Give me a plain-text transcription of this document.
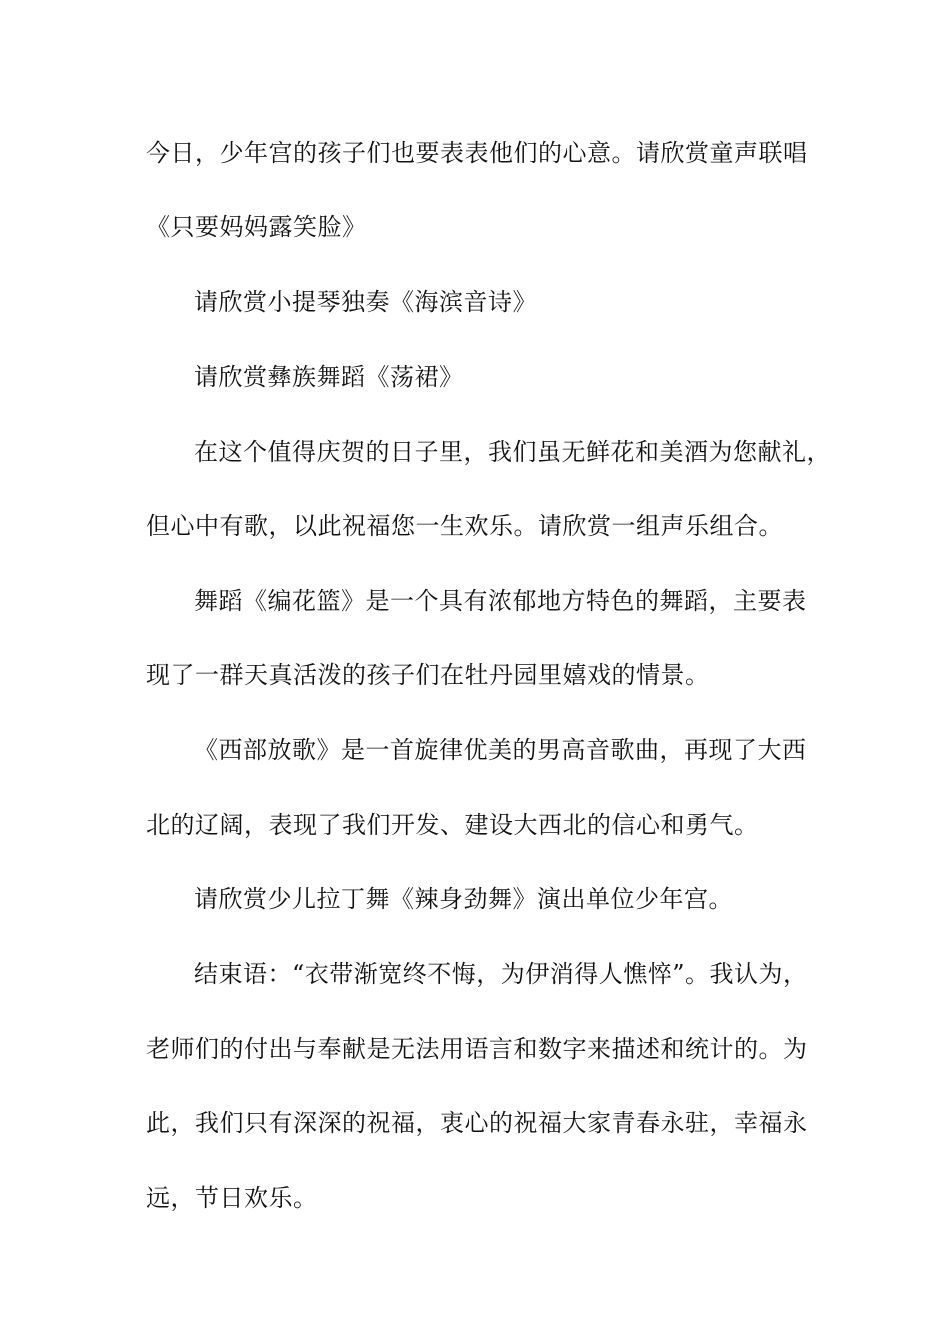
今日，少年宫的孩子们也要表表他们的心意。请欣赏童声联唱
《只要妈妈露笑脸》
请欣赏小提琴独奏《海滨音诗》
请欣赏彝族舞蹈《荡裙》
在这个值得庆贺的日子里，我们虽无鲜花和美酒为您献礼，
但心中有歌，以此祝福您一生欢乐。请欣赏一组声乐组合。
舞蹈《编花篮》是一个具有浓郁地方特色的舞蹈，主要表
现了一群天真活泼的孩子们在牡丹园里嬉戏的情景。
《西部放歌》是一首旋律优美的男高音歌曲，再现了大西
北的辽阔，表现了我们开发、建设大西北的信心和勇气。
请欣赏少儿拉丁舞《辣身劲舞》演出单位少年宫。
结束语：“衣带渐宽终不悔，为伊消得人憔悴”。我认为，
老师们的付出与奉献是无法用语言和数字来描述和统计的。为
此，我们只有深深的祝福，衷心的祝福大家青春永驻，幸福永
远，节日欢乐。
